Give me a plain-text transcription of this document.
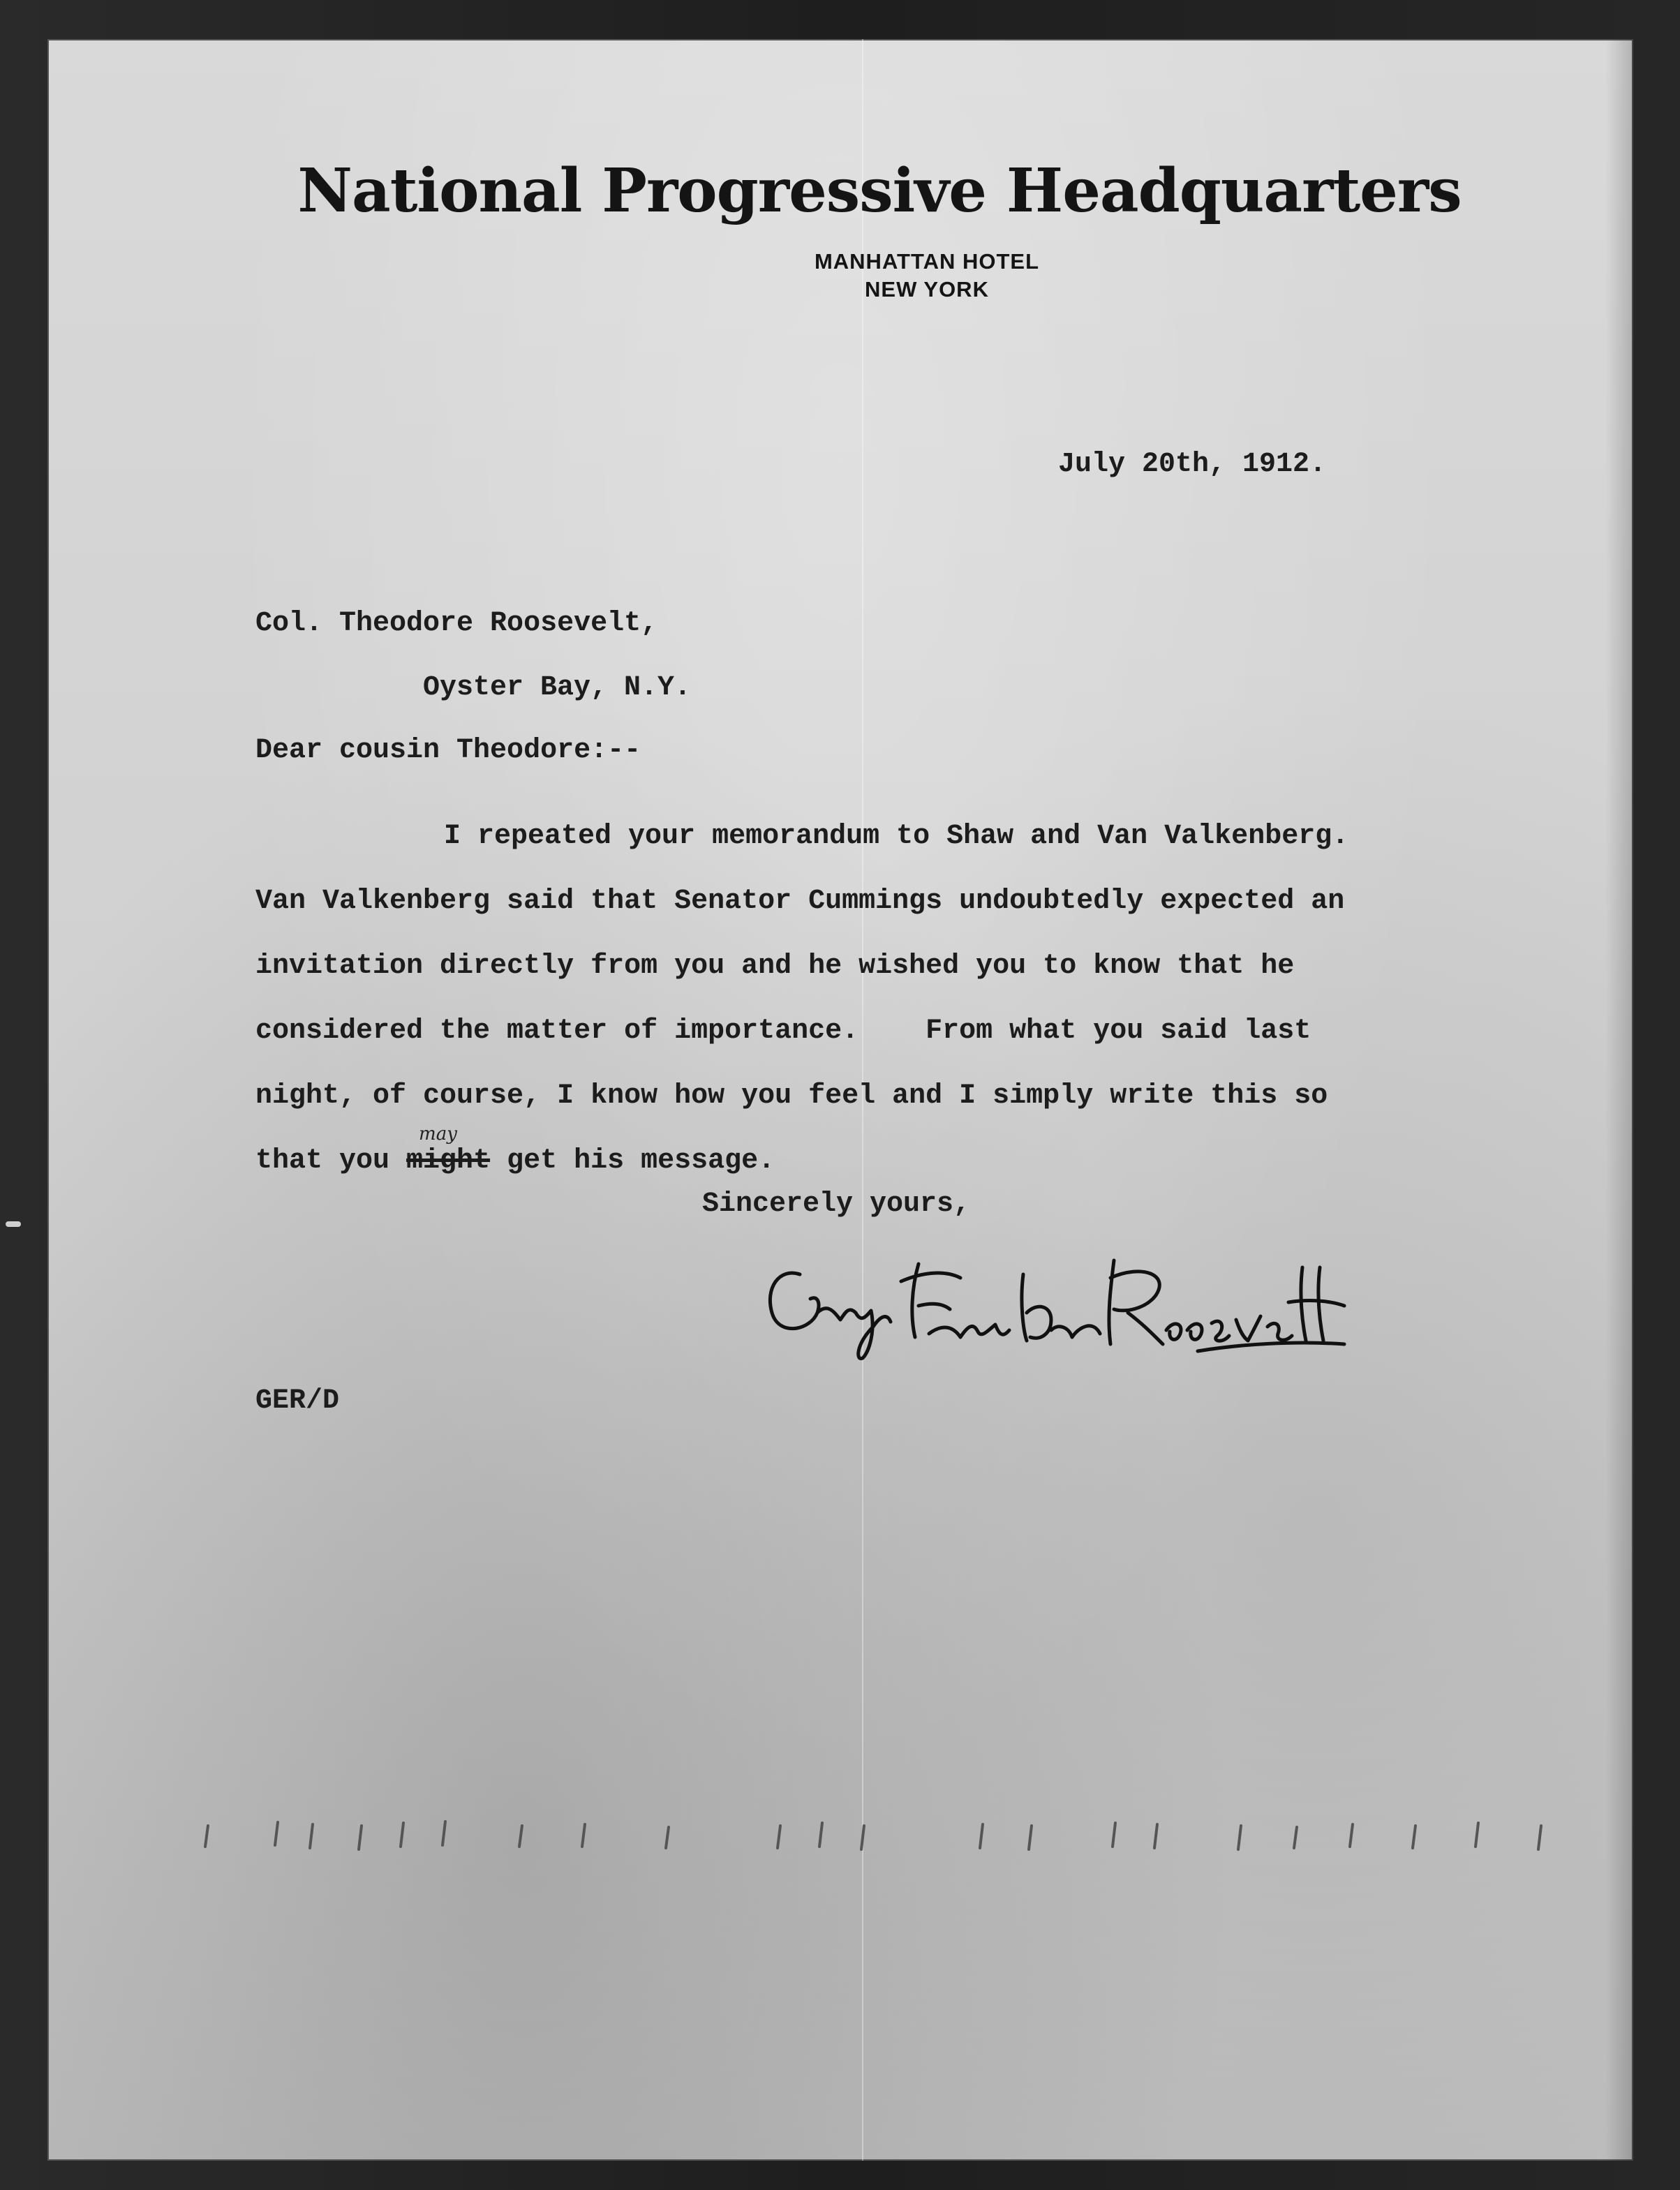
National Progressive Headquarters
MANHATTAN HOTEL
NEW YORK
July 20th, 1912.
Col. Theodore Roosevelt,
Oyster Bay, N.Y.
Dear cousin Theodore:--
I repeated your memorandum to Shaw and Van Valkenberg.
Van Valkenberg said that Senator Cummings undoubtedly expected an
invitation directly from you and he wished you to know that he
considered the matter of importance.    From what you said last
night, of course, I know how you feel and I simply write this so
that you might
may
get his message.
Sincerely yours,
GER/D
